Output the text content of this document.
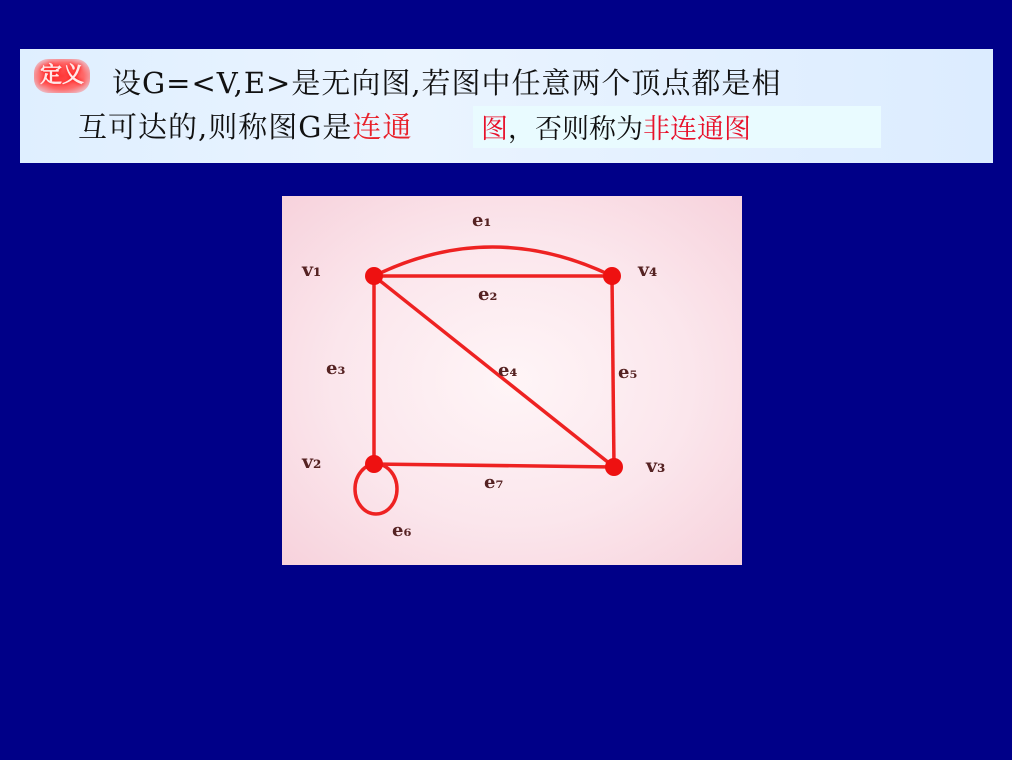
定义 设G=<V,E>是无向图,若图中任意两个顶点都是相
互可达的,则称图G是连通	图，否则称为非连通图
v₁
v₂	v₃
v₄
e₁
e₂
e₃	e₄	e₅
e₆
e₇
